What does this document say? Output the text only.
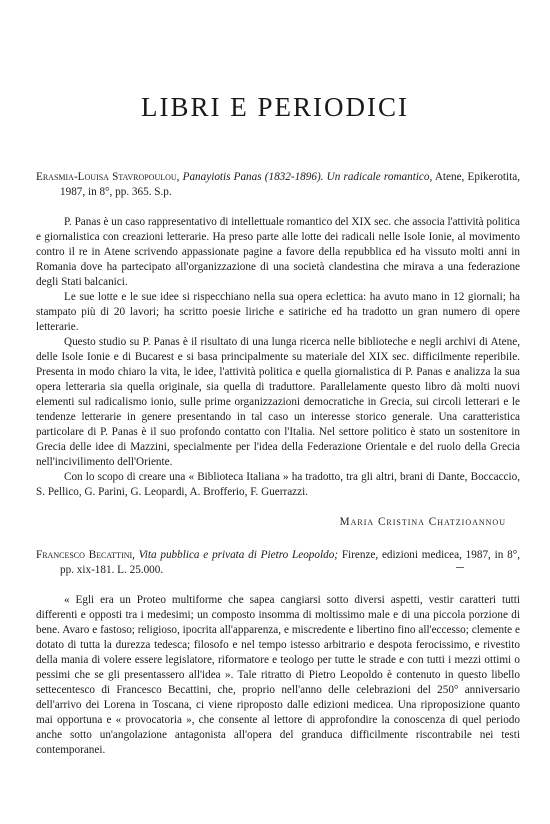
LIBRI E PERIODICI

Erasmia-Louisa Stavropoulou, Panayiotis Panas (1832-1896). Un radicale romantico, Atene, Epikerotita, 1987, in 8°, pp. 365. S.p.

P. Panas è un caso rappresentativo di intellettuale romantico del XIX sec. che associa l'attività politica e giornalistica con creazioni letterarie. Ha preso parte alle lotte dei radicali nelle Isole Ionie, al movimento contro il re in Atene scrivendo appassionate pagine a favore della repubblica ed ha vissuto molti anni in Romania dove ha partecipato all'organizzazione di una società clandestina che mirava a una federazione degli Stati balcanici.

Le sue lotte e le sue idee si rispecchiano nella sua opera eclettica: ha avuto mano in 12 giornali; ha stampato più di 20 lavori; ha scritto poesie liriche e satiriche ed ha tradotto un gran numero di opere letterarie.

Questo studio su P. Panas è il risultato di una lunga ricerca nelle biblioteche e negli archivi di Atene, delle Isole Ionie e di Bucarest e si basa principalmente su materiale del XIX sec. difficilmente reperibile. Presenta in modo chiaro la vita, le idee, l'attività politica e quella giornalistica di P. Panas e analizza la sua opera letteraria sia quella originale, sia quella di traduttore. Parallelamente questo libro dà molti nuovi elementi sul radicalismo ionio, sulle prime organizzazioni democratiche in Grecia, sui circoli letterari e le tendenze letterarie in genere presentando in tal caso un interesse storico generale. Una caratteristica particolare di P. Panas è il suo profondo contatto con l'Italia. Nel settore politico è stato un sostenitore in Grecia delle idee di Mazzini, specialmente per l'idea della Federazione Orientale e del ruolo della Grecia nell'incivilimento dell'Oriente.

Con lo scopo di creare una « Biblioteca Italiana » ha tradotto, tra gli altri, brani di Dante, Boccaccio, S. Pellico, G. Parini, G. Leopardi, A. Brofferio, F. Guerrazzi.

Maria Cristina Chatzioannou

Francesco Becattini, Vita pubblica e privata di Pietro Leopoldo; Firenze, edizioni medicea, 1987, in 8°, pp. xix-181. L. 25.000.

« Egli era un Proteo multiforme che sapea cangiarsi sotto diversi aspetti, vestir caratteri tutti differenti e opposti tra i medesimi; un composto insomma di moltissimo male e di una piccola porzione di bene. Avaro e fastoso; religioso, ipocrita all'apparenza, e miscredente e libertino fino all'eccesso; clemente e dotato di tutta la durezza tedesca; filosofo e nel tempo istesso arbitrario e despota ferocissimo, e rivestito della mania di volere essere legislatore, riformatore e teologo per tutte le strade e con tutti i mezzi ottimi o pessimi che se gli presentassero all'idea ». Tale ritratto di Pietro Leopoldo è contenuto in questo libello settecentesco di Francesco Becattini, che, proprio nell'anno delle celebrazioni del 250° anniversario dell'arrivo dei Lorena in Toscana, ci viene riproposto dalle edizioni medicea. Una riproposizione quanto mai opportuna e « provocatoria », che consente al lettore di approfondire la conoscenza di quel periodo anche sotto un'angolazione antagonista all'opera del granduca difficilmente riscontrabile nei testi contemporanei.
